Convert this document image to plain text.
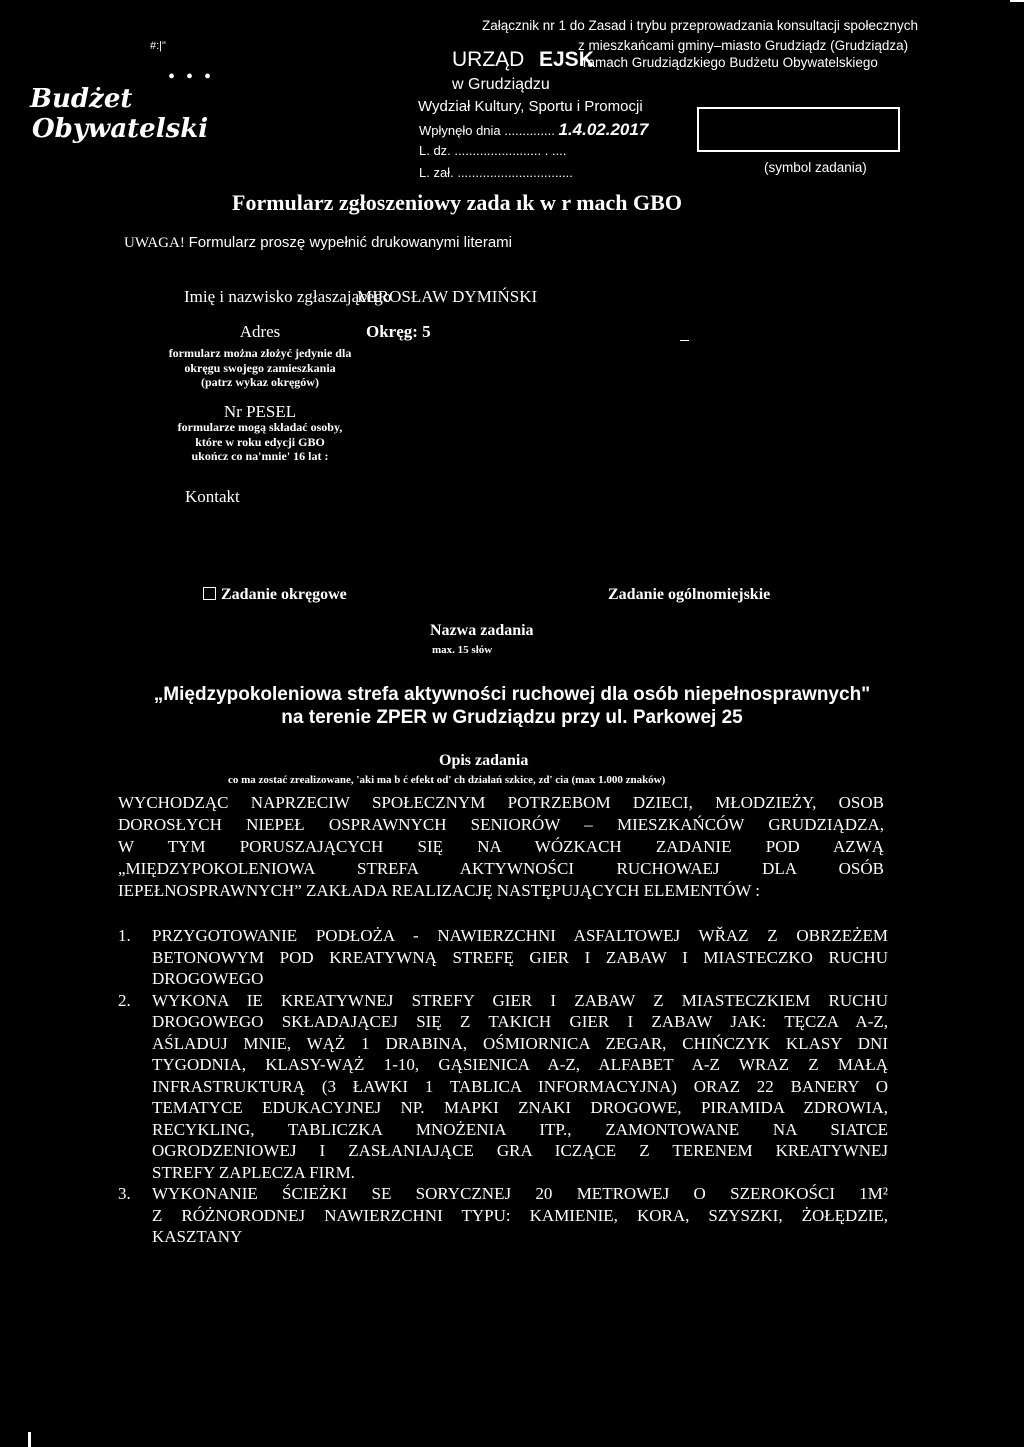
#:|"
Budżet
• • •
Obywatelski
Załącznik nr 1 do Zasad i trybu przeprowadzania konsultacji społecznych
z mieszkańcami gminy–miasto Grudziądz (Grudziądza)
ramach Grudziądzkiego Budżetu Obywatelskiego
URZĄD EJSK
w Grudziądzu
Wydział Kultury, Sportu i Promocji
Wpłynęło dnia .............. 1.4.02.2017
L. dz. ........................ . ....
L. zał. ................................	(symbol zadania)
Formularz zgłoszeniowy zada ık w r mach GBO
UWAGA! Formularz proszę wypełnić drukowanymi literami
Imię i nazwisko zgłaszającego
MIROSŁAW DYMIŃSKI
Adres
formularz można złożyć jedynie dla
okręgu swojego zamieszkania
(patrz wykaz okręgów)
Okręg: 5
Nr PESEL
formularze mogą składać osoby,
które w roku edycji GBO
ukończ co na'mnie' 16 lat :
Kontakt
Zadanie okręgowe	Zadanie ogólnomiejskie
Nazwa zadania
max. 15 słów
„Międzypokoleniowa strefa aktywności ruchowej dla osób niepełnosprawnych"
na terenie ZPER w Grudziądzu przy ul. Parkowej 25
Opis zadania
co ma zostać zrealizowane, 'aki ma b ć efekt od' ch działań szkice, zd' cia (max 1.000 znaków)
WYCHODZĄC NAPRZECIW SPOŁECZNYM POTRZEBOM DZIECI, MŁODZIEŻY, OSOB
DOROSŁYCH NIEPEŁ OSPRAWNYCH SENIORÓW – MIESZKAŃCÓW GRUDZIĄDZA,
W TYM PORUSZAJĄCYCH SIĘ NA WÓZKACH ZADANIE POD AZWĄ
„MIĘDZYPOKOLENIOWA STREFA AKTYWNOŚCI RUCHOWAEJ DLA OSÓB
IEPEŁNOSPRAWNYCH” ZAKŁADA REALIZACJĘ NASTĘPUJĄCYCH ELEMENTÓW :
1. PRZYGOTOWANIE PODŁOŻA - NAWIERZCHNI ASFALTOWEJ WŘAZ Z OBRZEŻEM
BETONOWYM POD KREATYWNĄ STREFĘ GIER I ZABAW I MIASTECZKO RUCHU
DROGOWEGO
2. WYKONA IE KREATYWNEJ STREFY GIER I ZABAW Z MIASTECZKIEM RUCHU
DROGOWEGO SKŁADAJĄCEJ SIĘ Z TAKICH GIER I ZABAW JAK: TĘCZA A-Z,
AŚLADUJ MNIE, WĄŻ 1 DRABINA, OŚMIORNICA ZEGAR, CHIŃCZYK KLASY DNI
TYGODNIA, KLASY-WĄŻ 1-10, GĄSIENICA A-Z, ALFABET A-Z WRAZ Z MAŁĄ
INFRASTRUKTURĄ (3 ŁAWKI 1 TABLICA INFORMACYJNA) ORAZ 22 BANERY O
TEMATYCE EDUKACYJNEJ NP. MAPKI ZNAKI DROGOWE, PIRAMIDA ZDROWIA,
RECYKLING, TABLICZKA MNOŻENIA ITP., ZAMONTOWANE NA SIATCE
OGRODZENIOWEJ I ZASŁANIAJĄCE GRA ICZĄCE Z TERENEM KREATYWNEJ
STREFY ZAPLECZA FIRM.
3. WYKONANIE ŚCIEŻKI SE SORYCZNEJ 20 METROWEJ O SZEROKOŚCI 1M²
Z RÓŻNORODNEJ NAWIERZCHNI TYPU: KAMIENIE, KORA, SZYSZKI, ŻOŁĘDZIE,
KASZTANY
